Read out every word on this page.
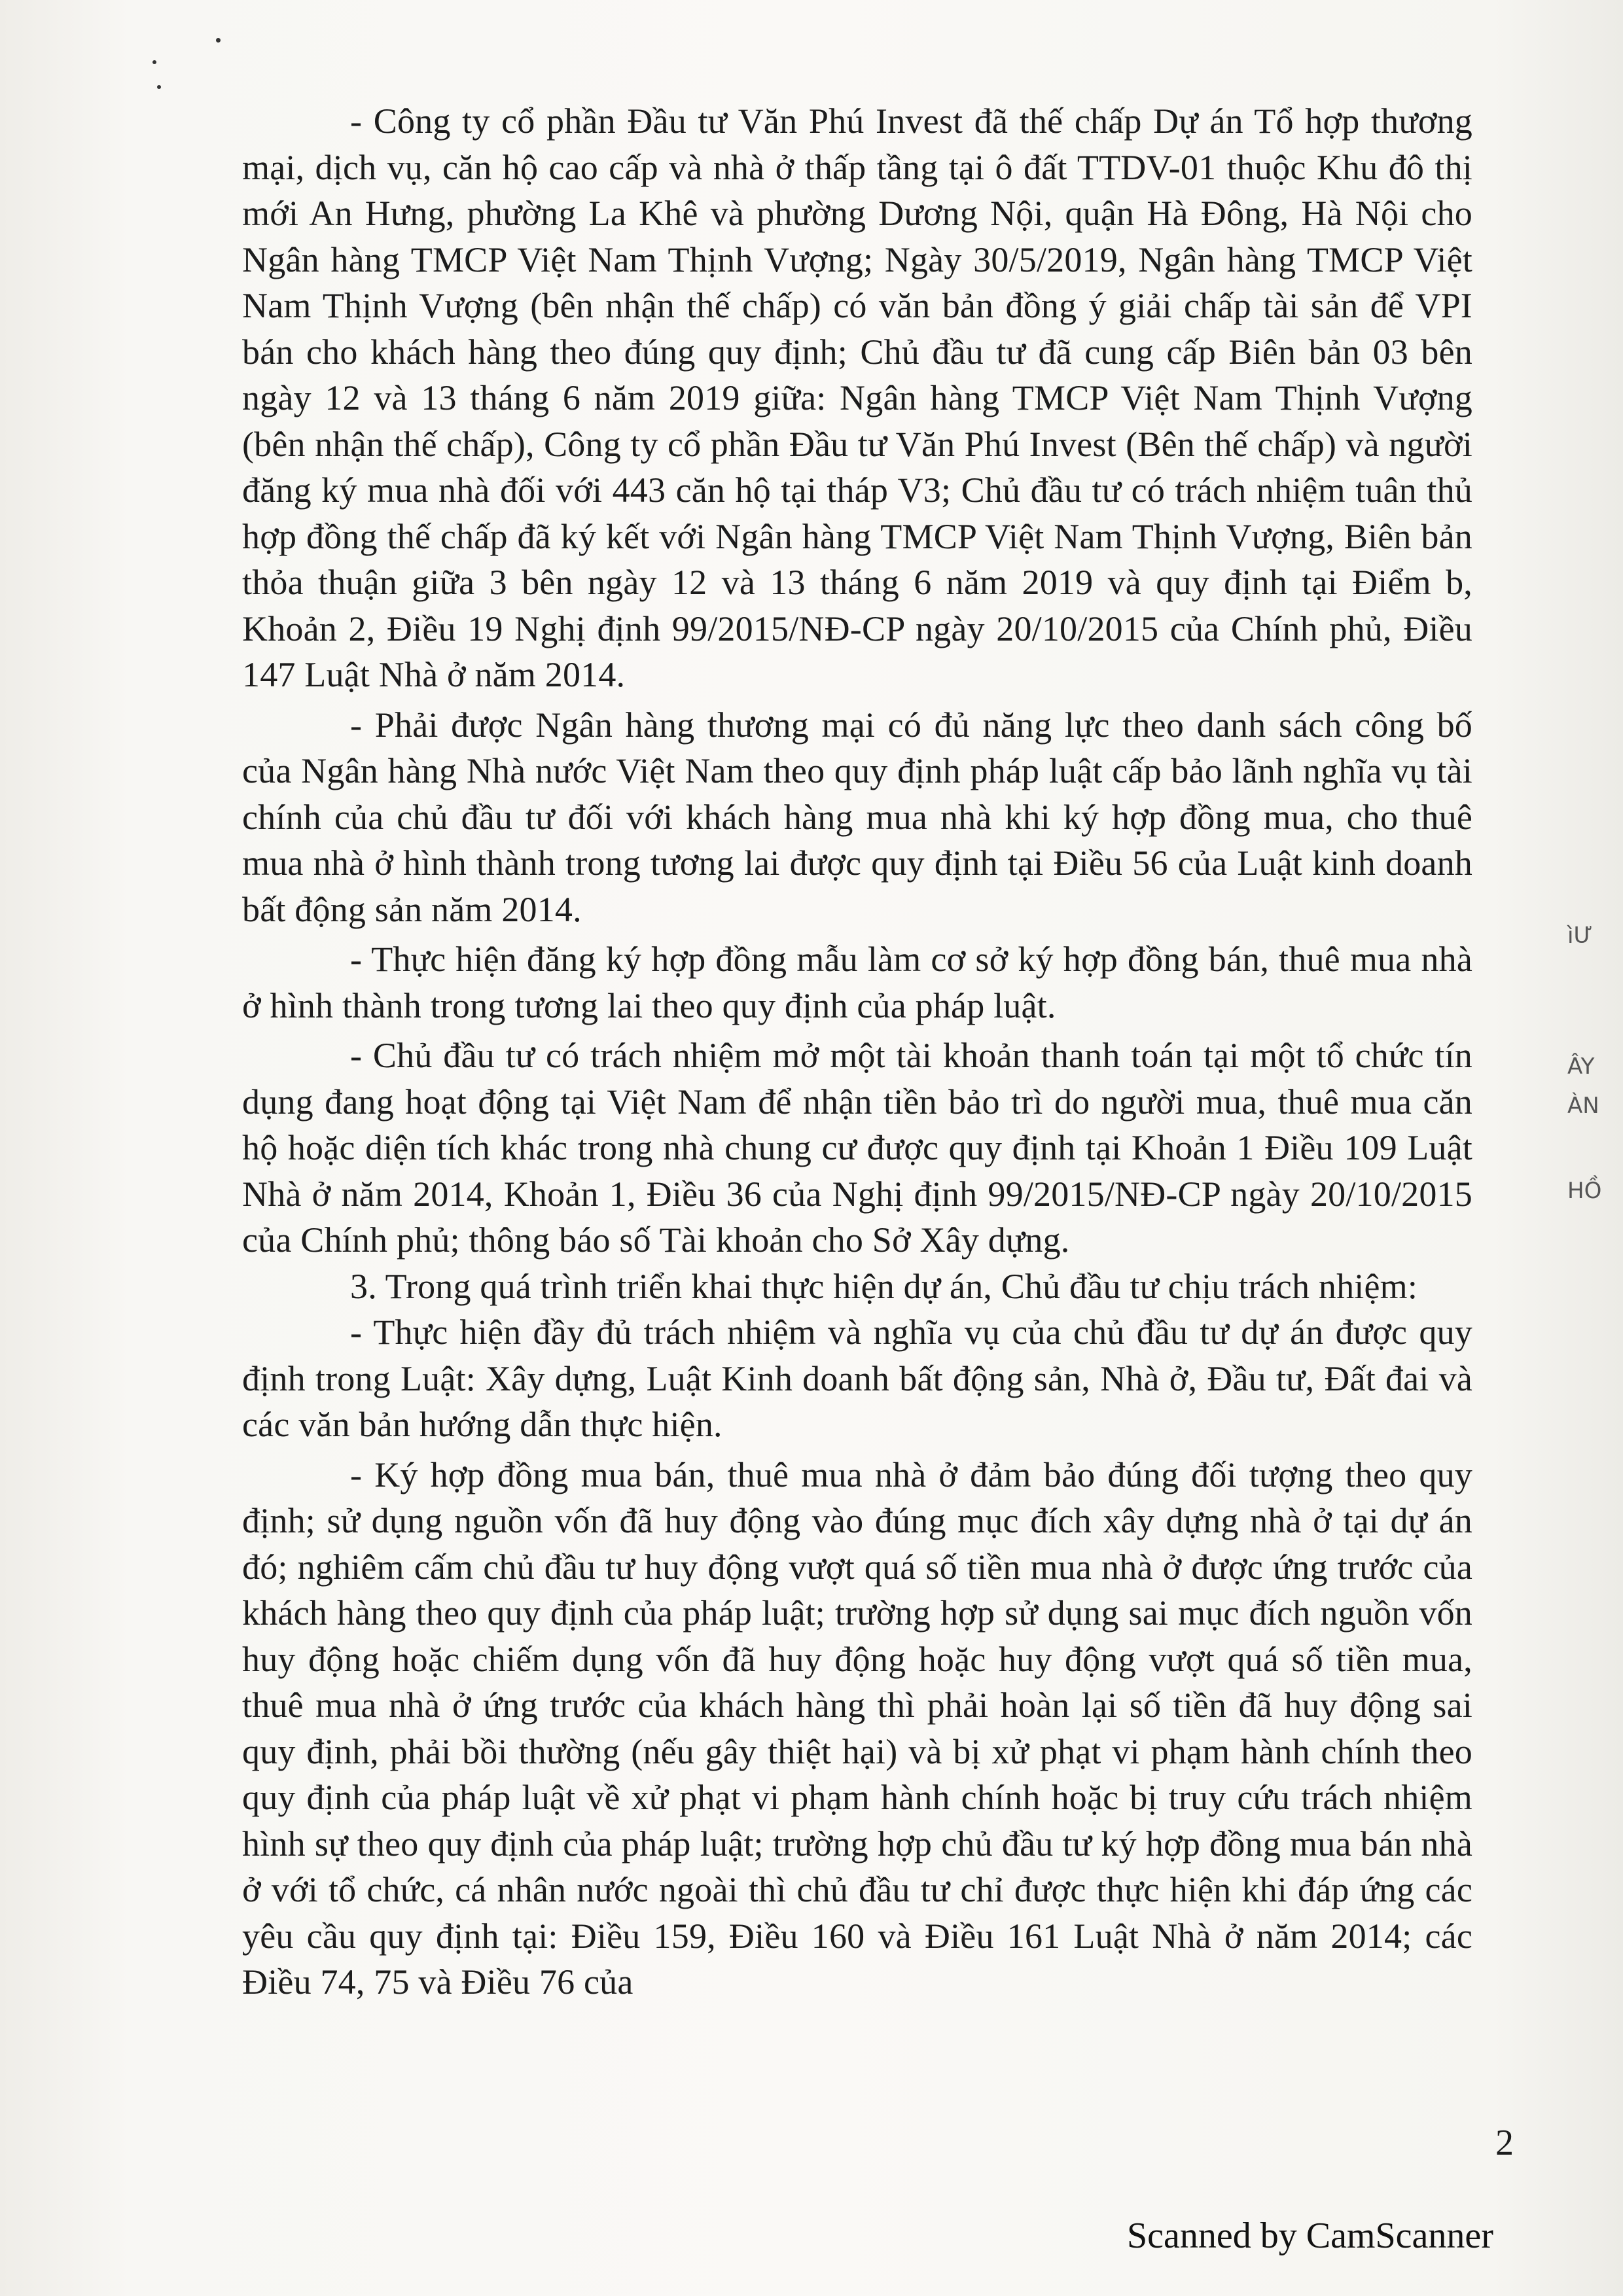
- Công ty cổ phần Đầu tư Văn Phú Invest đã thế chấp Dự án Tổ hợp thương mại, dịch vụ, căn hộ cao cấp và nhà ở thấp tầng tại ô đất TTDV-01 thuộc Khu đô thị mới An Hưng, phường La Khê và phường Dương Nội, quận Hà Đông, Hà Nội cho Ngân hàng TMCP Việt Nam Thịnh Vượng; Ngày 30/5/2019, Ngân hàng TMCP Việt Nam Thịnh Vượng (bên nhận thế chấp) có văn bản đồng ý giải chấp tài sản để VPI bán cho khách hàng theo đúng quy định; Chủ đầu tư đã cung cấp Biên bản 03 bên ngày 12 và 13 tháng 6 năm 2019 giữa: Ngân hàng TMCP Việt Nam Thịnh Vượng (bên nhận thế chấp), Công ty cổ phần Đầu tư Văn Phú Invest (Bên thế chấp) và người đăng ký mua nhà đối với 443 căn hộ tại tháp V3; Chủ đầu tư có trách nhiệm tuân thủ hợp đồng thế chấp đã ký kết với Ngân hàng TMCP Việt Nam Thịnh Vượng, Biên bản thỏa thuận giữa 3 bên ngày 12 và 13 tháng 6 năm 2019 và quy định tại Điểm b, Khoản 2, Điều 19 Nghị định 99/2015/NĐ-CP ngày 20/10/2015 của Chính phủ, Điều 147 Luật Nhà ở năm 2014.

- Phải được Ngân hàng thương mại có đủ năng lực theo danh sách công bố của Ngân hàng Nhà nước Việt Nam theo quy định pháp luật cấp bảo lãnh nghĩa vụ tài chính của chủ đầu tư đối với khách hàng mua nhà khi ký hợp đồng mua, cho thuê mua nhà ở hình thành trong tương lai được quy định tại Điều 56 của Luật kinh doanh bất động sản năm 2014.

- Thực hiện đăng ký hợp đồng mẫu làm cơ sở ký hợp đồng bán, thuê mua nhà ở hình thành trong tương lai theo quy định của pháp luật.

- Chủ đầu tư có trách nhiệm mở một tài khoản thanh toán tại một tổ chức tín dụng đang hoạt động tại Việt Nam để nhận tiền bảo trì do người mua, thuê mua căn hộ hoặc diện tích khác trong nhà chung cư được quy định tại Khoản 1 Điều 109 Luật Nhà ở năm 2014, Khoản 1, Điều 36 của Nghị định 99/2015/NĐ-CP ngày 20/10/2015 của Chính phủ; thông báo số Tài khoản cho Sở Xây dựng.

3. Trong quá trình triển khai thực hiện dự án, Chủ đầu tư chịu trách nhiệm:

- Thực hiện đầy đủ trách nhiệm và nghĩa vụ của chủ đầu tư dự án được quy định trong Luật: Xây dựng, Luật Kinh doanh bất động sản, Nhà ở, Đầu tư, Đất đai và các văn bản hướng dẫn thực hiện.

- Ký hợp đồng mua bán, thuê mua nhà ở đảm bảo đúng đối tượng theo quy định; sử dụng nguồn vốn đã huy động vào đúng mục đích xây dựng nhà ở tại dự án đó; nghiêm cấm chủ đầu tư huy động vượt quá số tiền mua nhà ở được ứng trước của khách hàng theo quy định của pháp luật; trường hợp sử dụng sai mục đích nguồn vốn huy động hoặc chiếm dụng vốn đã huy động hoặc huy động vượt quá số tiền mua, thuê mua nhà ở ứng trước của khách hàng thì phải hoàn lại số tiền đã huy động sai quy định, phải bồi thường (nếu gây thiệt hại) và bị xử phạt vi phạm hành chính theo quy định của pháp luật về xử phạt vi phạm hành chính hoặc bị truy cứu trách nhiệm hình sự theo quy định của pháp luật; trường hợp chủ đầu tư ký hợp đồng mua bán nhà ở với tổ chức, cá nhân nước ngoài thì chủ đầu tư chỉ được thực hiện khi đáp ứng các yêu cầu quy định tại: Điều 159, Điều 160 và Điều 161 Luật Nhà ở năm 2014; các Điều 74, 75 và Điều 76 của

ìƯ
ÂY
ÀN
HỒ
2
Scanned by CamScanner
